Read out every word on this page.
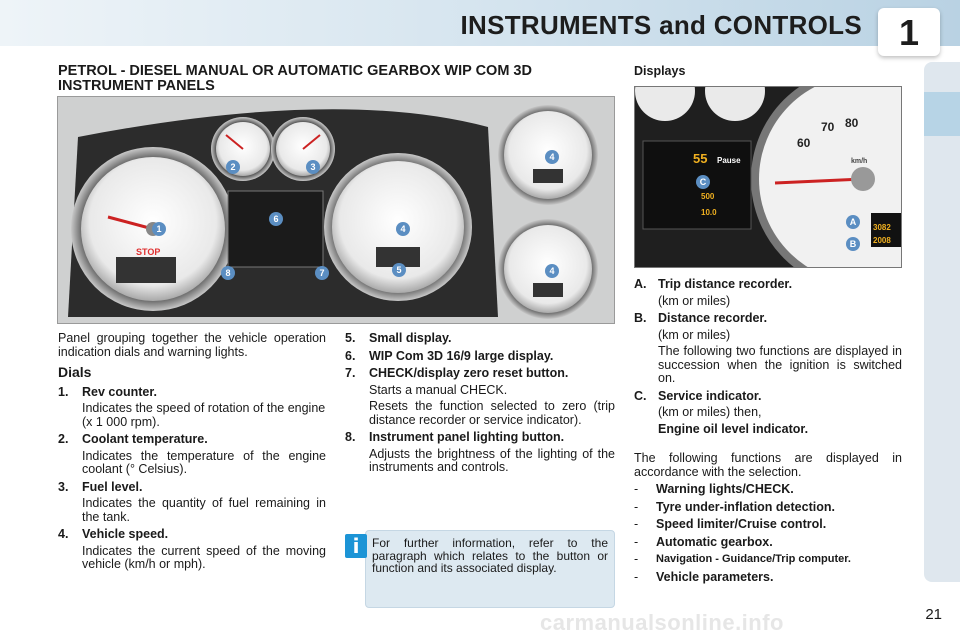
INSTRUMENTS and CONTROLS	1
PETROL - DIESEL MANUAL OR AUTOMATIC GEARBOX WIP COM 3D INSTRUMENT PANELS
STOP
1
2	3
4
4
4
5
6
7
8
Displays
55 Pause
500
70 80
60
km/h
10.0
3082
2008
A
B
C
Panel grouping together the vehicle operation indication dials and warning lights.
Dials
1.	Rev counter.
Indicates the speed of rotation of the engine (x 1 000 rpm).
2.	Coolant temperature.
Indicates the temperature of the engine coolant (° Celsius).
3.	Fuel level.
Indicates the quantity of fuel remaining in the tank.
4.	Vehicle speed.
Indicates the current speed of the moving vehicle (km/h or mph).
5.	Small display.
6.	WIP Com 3D 16/9 large display.
7.	CHECK/display zero reset button.
Starts a manual CHECK.
Resets the function selected to zero (trip distance recorder or service indicator).
8.	Instrument panel lighting button.
Adjusts the brightness of the lighting of the instruments and controls.
For further information, refer to the paragraph which relates to the button or function and its associated display.
i
A. Trip distance recorder.
(km or miles)
B. Distance recorder.
(km or miles)
The following two functions are displayed in succession when the ignition is switched on.
C. Service indicator.
(km or miles) then,
Engine oil level indicator.
The following functions are displayed in accordance with the selection.
-	Warning lights/CHECK.
-	Tyre under-inflation detection.
-	Speed limiter/Cruise control.
-	Automatic gearbox.
-	Navigation - Guidance/Trip computer.
-	Vehicle parameters.
carmanualsonline.info	21
